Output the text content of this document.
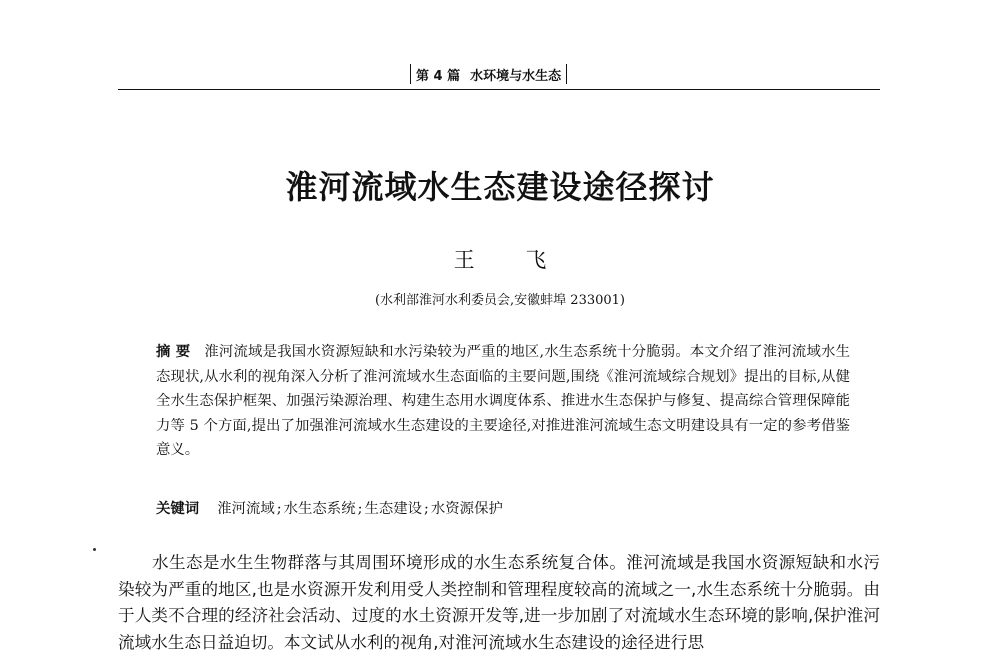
第 4 篇 水环境与水生态
淮河流域水生态建设途径探讨
王 飞
(水利部淮河水利委员会,安徽蚌埠 233001)
摘 要 淮河流域是我国水资源短缺和水污染较为严重的地区,水生态系统十分脆弱。本文介绍了淮河流域水生态现状,从水利的视角深入分析了淮河流域水生态面临的主要问题,围绕《淮河流域综合规划》提出的目标,从健全水生态保护框架、加强污染源治理、构建生态用水调度体系、推进水生态保护与修复、提高综合管理保障能力等 5 个方面,提出了加强淮河流域水生态建设的主要途径,对推进淮河流域生态文明建设具有一定的参考借鉴意义。
关键词 淮河流域 ; 水生态系统 ; 生态建设 ; 水资源保护

水生态是水生生物群落与其周围环境形成的水生态系统复合体。淮河流域是我国水资源短缺和水污染较为严重的地区,也是水资源开发利用受人类控制和管理程度较高的流域之一,水生态系统十分脆弱。由于人类不合理的经济社会活动、过度的水土资源开发等,进一步加剧了对流域水生态环境的影响,保护淮河流域水生态日益迫切。本文试从水利的视角,对淮河流域水生态建设的途径进行思
